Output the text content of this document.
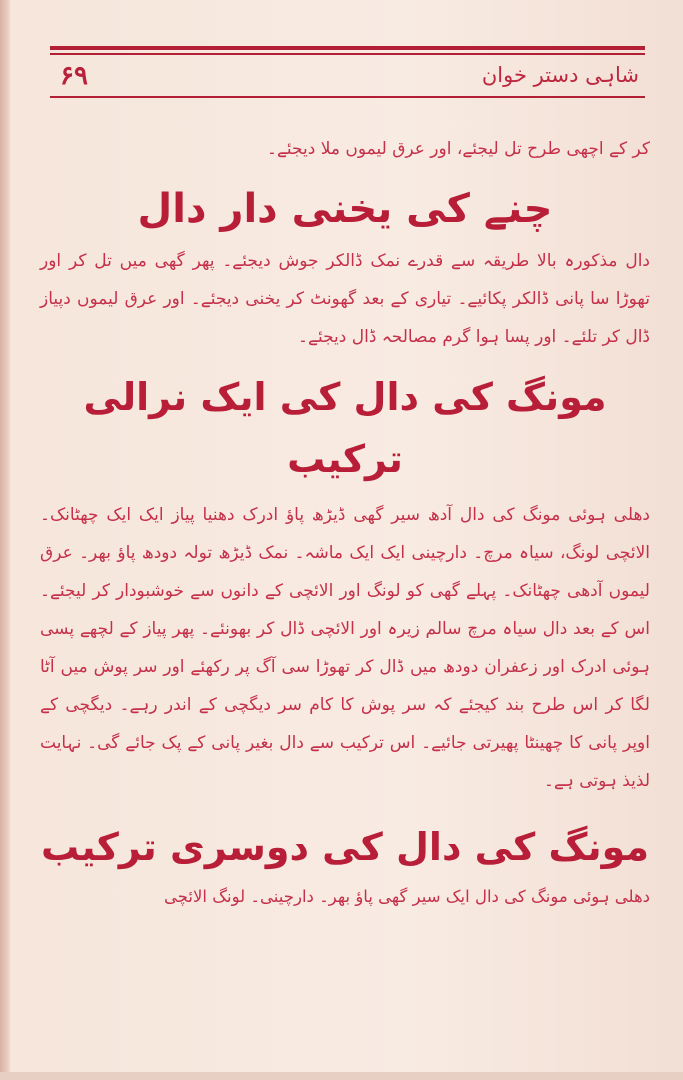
۶۹	شاہی دستر خوان

کر کے اچھی طرح تل لیجئے، اور عرق لیموں ملا دیجئے۔

چنے کی یخنی دار دال

دال مذکورہ بالا طریقہ سے قدرے نمک ڈالکر جوش دیجئے۔ پھر گھی میں تل کر اور تھوڑا سا پانی ڈالکر پکائیے۔ تیاری کے بعد گھونٹ کر یخنی دیجئے۔ اور عرق لیموں دپیاز ڈال کر تلئے۔ اور پسا ہوا گرم مصالحہ ڈال دیجئے۔

مونگ کی دال کی ایک نرالی ترکیب

دھلی ہوئی مونگ کی دال آدھ سیر گھی ڈیڑھ پاؤ ادرک دھنیا پیاز ایک ایک چھٹانک۔ الائچی لونگ، سیاہ مرچ۔ دارچینی ایک ایک ماشہ۔ نمک ڈیڑھ تولہ دودھ پاؤ بھر۔ عرق لیموں آدھی چھٹانک۔ پہلے گھی کو لونگ اور الائچی کے دانوں سے خوشبودار کر لیجئے۔ اس کے بعد دال سیاہ مرچ سالم زیرہ اور الائچی ڈال کر بھونئے۔ پھر پیاز کے لچھے پسی ہوئی ادرک اور زعفران دودھ میں ڈال کر تھوڑا سی آگ پر رکھئے اور سر پوش میں آٹا لگا کر اس طرح بند کیجئے کہ سر پوش کا کام سر دیگچی کے اندر رہے۔ دیگچی کے اوپر پانی کا چھینٹا پھیرتی جائیے۔ اس ترکیب سے دال بغیر پانی کے پک جائے گی۔ نہایت لذیذ ہوتی ہے۔

مونگ کی دال کی دوسری ترکیب

دھلی ہوئی مونگ کی دال ایک سیر گھی پاؤ بھر۔ دارچینی۔ لونگ الائچی
